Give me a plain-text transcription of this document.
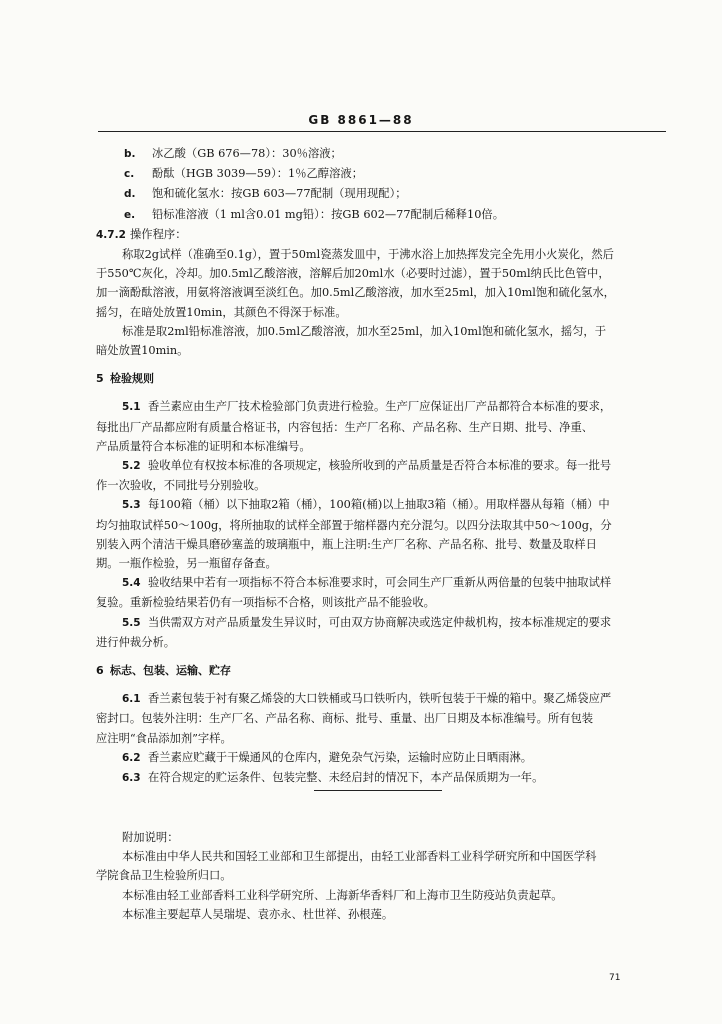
GB 8861—88
b. 冰乙酸（GB 676—78）：30％溶液；
c. 酚酞（HGB 3039—59）：1％乙醇溶液；
d. 饱和硫化氢水：按GB 603—77配制（现用现配）；
e. 铅标准溶液（1 ml含0.01 mg铅）：按GB 602—77配制后稀释10倍。
4.7.2 操作程序：
称取2g试样（准确至0.1g），置于50ml瓷蒸发皿中，于沸水浴上加热挥发完全先用小火炭化，然后
于550℃灰化，冷却。加0.5ml乙酸溶液，溶解后加20ml水（必要时过滤），置于50ml纳氏比色管中，
加一滴酚酞溶液，用氨将溶液调至淡红色。加0.5ml乙酸溶液，加水至25ml，加入10ml饱和硫化氢水，
摇匀，在暗处放置10min，其颜色不得深于标准。
标准是取2ml铅标准溶液，加0.5ml乙酸溶液，加水至25ml，加入10ml饱和硫化氢水，摇匀，于
暗处放置10min。
5 检验规则
5.1 香兰素应由生产厂技术检验部门负责进行检验。生产厂应保证出厂产品都符合本标准的要求，
每批出厂产品都应附有质量合格证书，内容包括：生产厂名称、产品名称、生产日期、批号、净重、
产品质量符合本标准的证明和本标准编号。
5.2 验收单位有权按本标准的各项规定，核验所收到的产品质量是否符合本标准的要求。每一批号
作一次验收，不同批号分别验收。
5.3 每100箱（桶）以下抽取2箱（桶），100箱(桶)以上抽取3箱（桶）。用取样器从每箱（桶）中
均匀抽取试样50～100g，将所抽取的试样全部置于缩样器内充分混匀。以四分法取其中50～100g，分
别装入两个清洁干燥具磨砂塞盖的玻璃瓶中，瓶上注明:生产厂名称、产品名称、批号、数量及取样日
期。一瓶作检验，另一瓶留存备查。
5.4 验收结果中若有一项指标不符合本标准要求时，可会同生产厂重新从两倍量的包装中抽取试样
复验。重新检验结果若仍有一项指标不合格，则该批产品不能验收。
5.5 当供需双方对产品质量发生异议时，可由双方协商解决或选定仲裁机构，按本标准规定的要求
进行仲裁分析。
6 标志、包装、运输、贮存
6.1 香兰素包装于衬有聚乙烯袋的大口铁桶或马口铁听内，铁听包装于干燥的箱中。聚乙烯袋应严
密封口。包装外注明：生产厂名、产品名称、商标、批号、重量、出厂日期及本标准编号。所有包装
应注明“食品添加剂”字样。
6.2 香兰素应贮藏于干燥通风的仓库内，避免杂气污染，运输时应防止日晒雨淋。
6.3 在符合规定的贮运条件、包装完整、未经启封的情况下，本产品保质期为一年。
附加说明：
本标准由中华人民共和国轻工业部和卫生部提出，由轻工业部香料工业科学研究所和中国医学科
学院食品卫生检验所归口。
本标准由轻工业部香料工业科学研究所、上海新华香料厂和上海市卫生防疫站负责起草。
本标准主要起草人吴瑞堤、袁亦永、杜世祥、孙根莲。
71
